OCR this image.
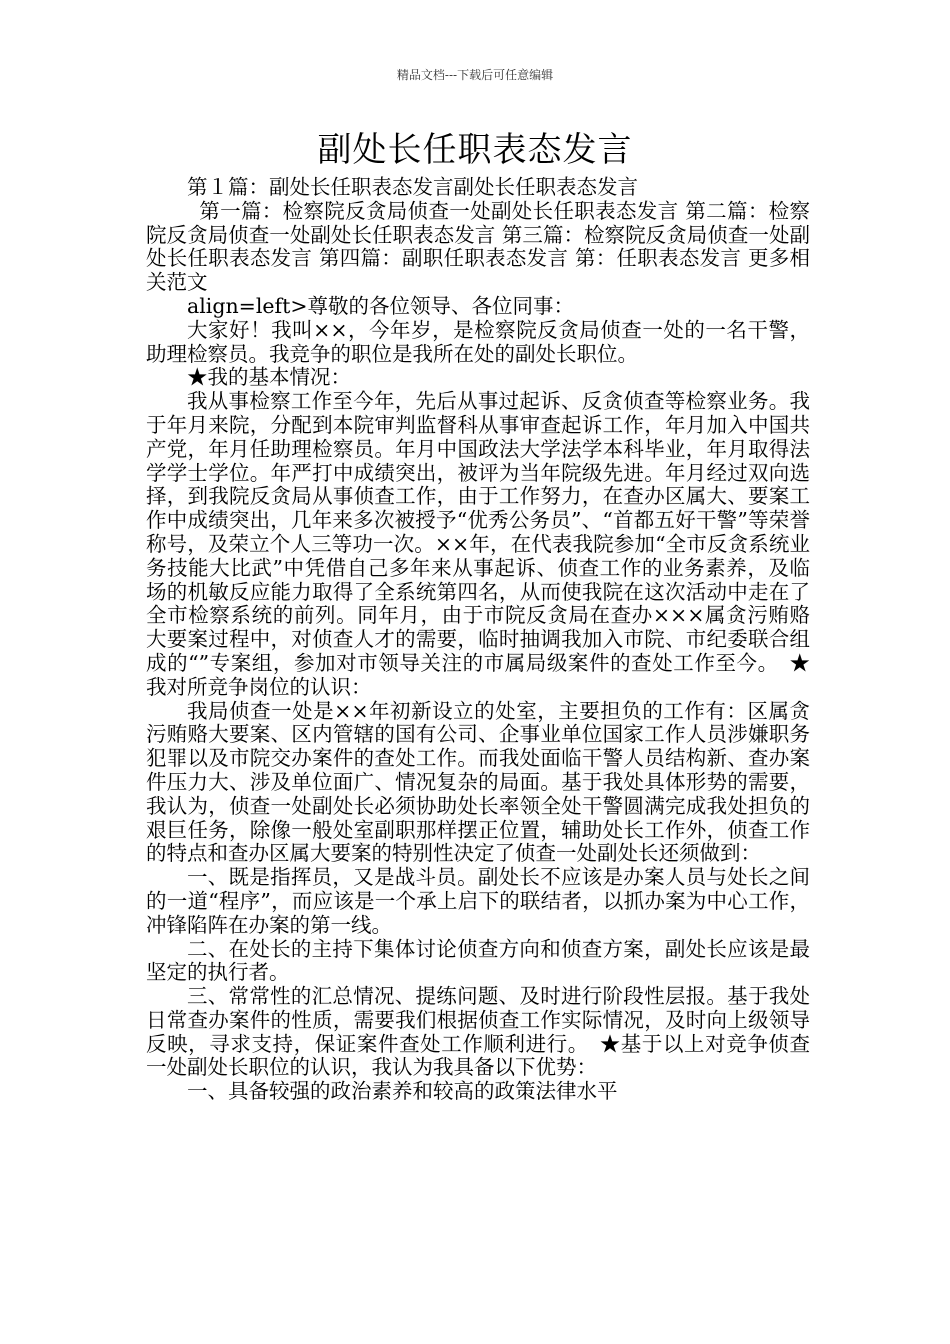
精品文档---下载后可任意编辑
副处长任职表态发言

第１篇：副处长任职表态发言副处长任职表态发言

第一篇：检察院反贪局侦查一处副处长任职表态发言 第二篇：检察院反贪局侦查一处副处长任职表态发言 第三篇：检察院反贪局侦查一处副处长任职表态发言 第四篇：副职任职表态发言 第：任职表态发言 更多相关范文

align=left>尊敬的各位领导、各位同事：

大家好！我叫××，今年岁，是检察院反贪局侦查一处的一名干警，助理检察员。我竞争的职位是我所在处的副处长职位。

★我的基本情况：

我从事检察工作至今年，先后从事过起诉、反贪侦查等检察业务。我于年月来院，分配到本院审判监督科从事审查起诉工作，年月加入中国共产党，年月任助理检察员。年月中国政法大学法学本科毕业，年月取得法学学士学位。年严打中成绩突出，被评为当年院级先进。年月经过双向选择，到我院反贪局从事侦查工作，由于工作努力，在查办区属大、要案工作中成绩突出，几年来多次被授予“优秀公务员”、“首都五好干警”等荣誉称号，及荣立个人三等功一次。××年，在代表我院参加“全市反贪系统业务技能大比武”中凭借自己多年来从事起诉、侦查工作的业务素养，及临场的机敏反应能力取得了全系统第四名，从而使我院在这次活动中走在了全市检察系统的前列。同年月，由于市院反贪局在查办×××属贪污贿赂大要案过程中，对侦查人才的需要，临时抽调我加入市院、市纪委联合组成的“”专案组，参加对市领导关注的市属局级案件的查处工作至今。　★我对所竞争岗位的认识：

我局侦查一处是××年初新设立的处室，主要担负的工作有：区属贪污贿赂大要案、区内管辖的国有公司、企事业单位国家工作人员涉嫌职务犯罪以及市院交办案件的查处工作。而我处面临干警人员结构新、查办案件压力大、涉及单位面广、情况复杂的局面。基于我处具体形势的需要，我认为，侦查一处副处长必须协助处长率领全处干警圆满完成我处担负的艰巨任务，除像一般处室副职那样摆正位置，辅助处长工作外，侦查工作的特点和查办区属大要案的特别性决定了侦查一处副处长还须做到：

一、既是指挥员，又是战斗员。副处长不应该是办案人员与处长之间的一道“程序”，而应该是一个承上启下的联结者，以抓办案为中心工作，冲锋陷阵在办案的第一线。

二、在处长的主持下集体讨论侦查方向和侦查方案，副处长应该是最坚定的执行者。

三、常常性的汇总情况、提练问题、及时进行阶段性层报。基于我处日常查办案件的性质，需要我们根据侦查工作实际情况，及时向上级领导反映，寻求支持，保证案件查处工作顺利进行。　★基于以上对竞争侦查一处副处长职位的认识，我认为我具备以下优势：

一、具备较强的政治素养和较高的政策法律水平
